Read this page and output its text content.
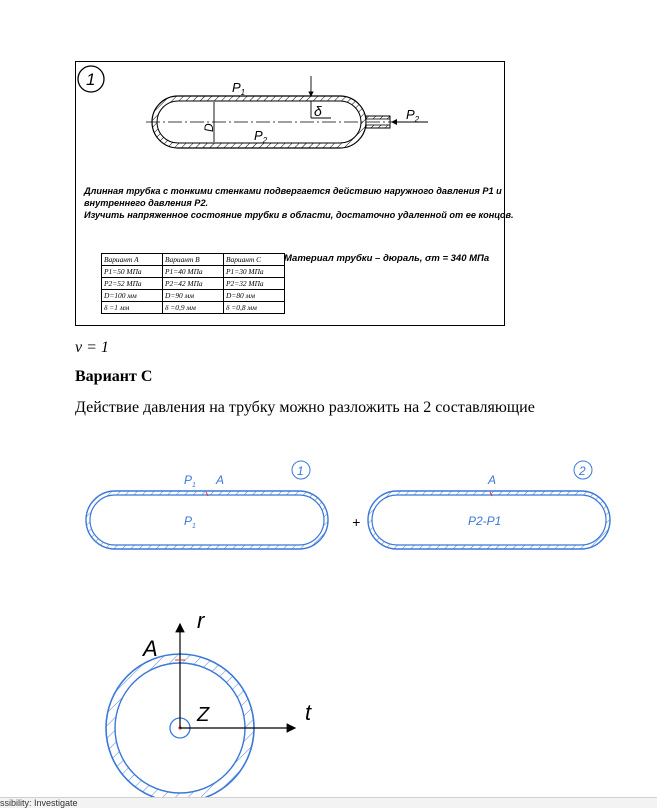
1
D
$P_1$
δ	$P_2$
$P_2$
Длинная трубка с тонкими стенками подвергается действию наружного давления P1 и
внутреннего давления P2.
Изучить напряженное состояние трубки в области, достаточно удаленной от ее концов.
Вариант А	Вариант B	Вариант C
P1=50 МПа	P1=40 МПа	P1=30 МПа
P2=52 МПа	P2=42 МПа	P2=32 МПа
D=100 мм	D=90 мм	D=80 мм
δ =1 мм	δ =0,9 мм	δ =0,8 мм
Материал трубки – дюраль, σт = 340 МПа
ν = 1
Вариант C
Действие давления на трубку можно разложить на 2 составляющие
1
$P_1$ A
$P_1$	+
2
A
P2-P1
A
r
Z	t
ssibility: Investigate
